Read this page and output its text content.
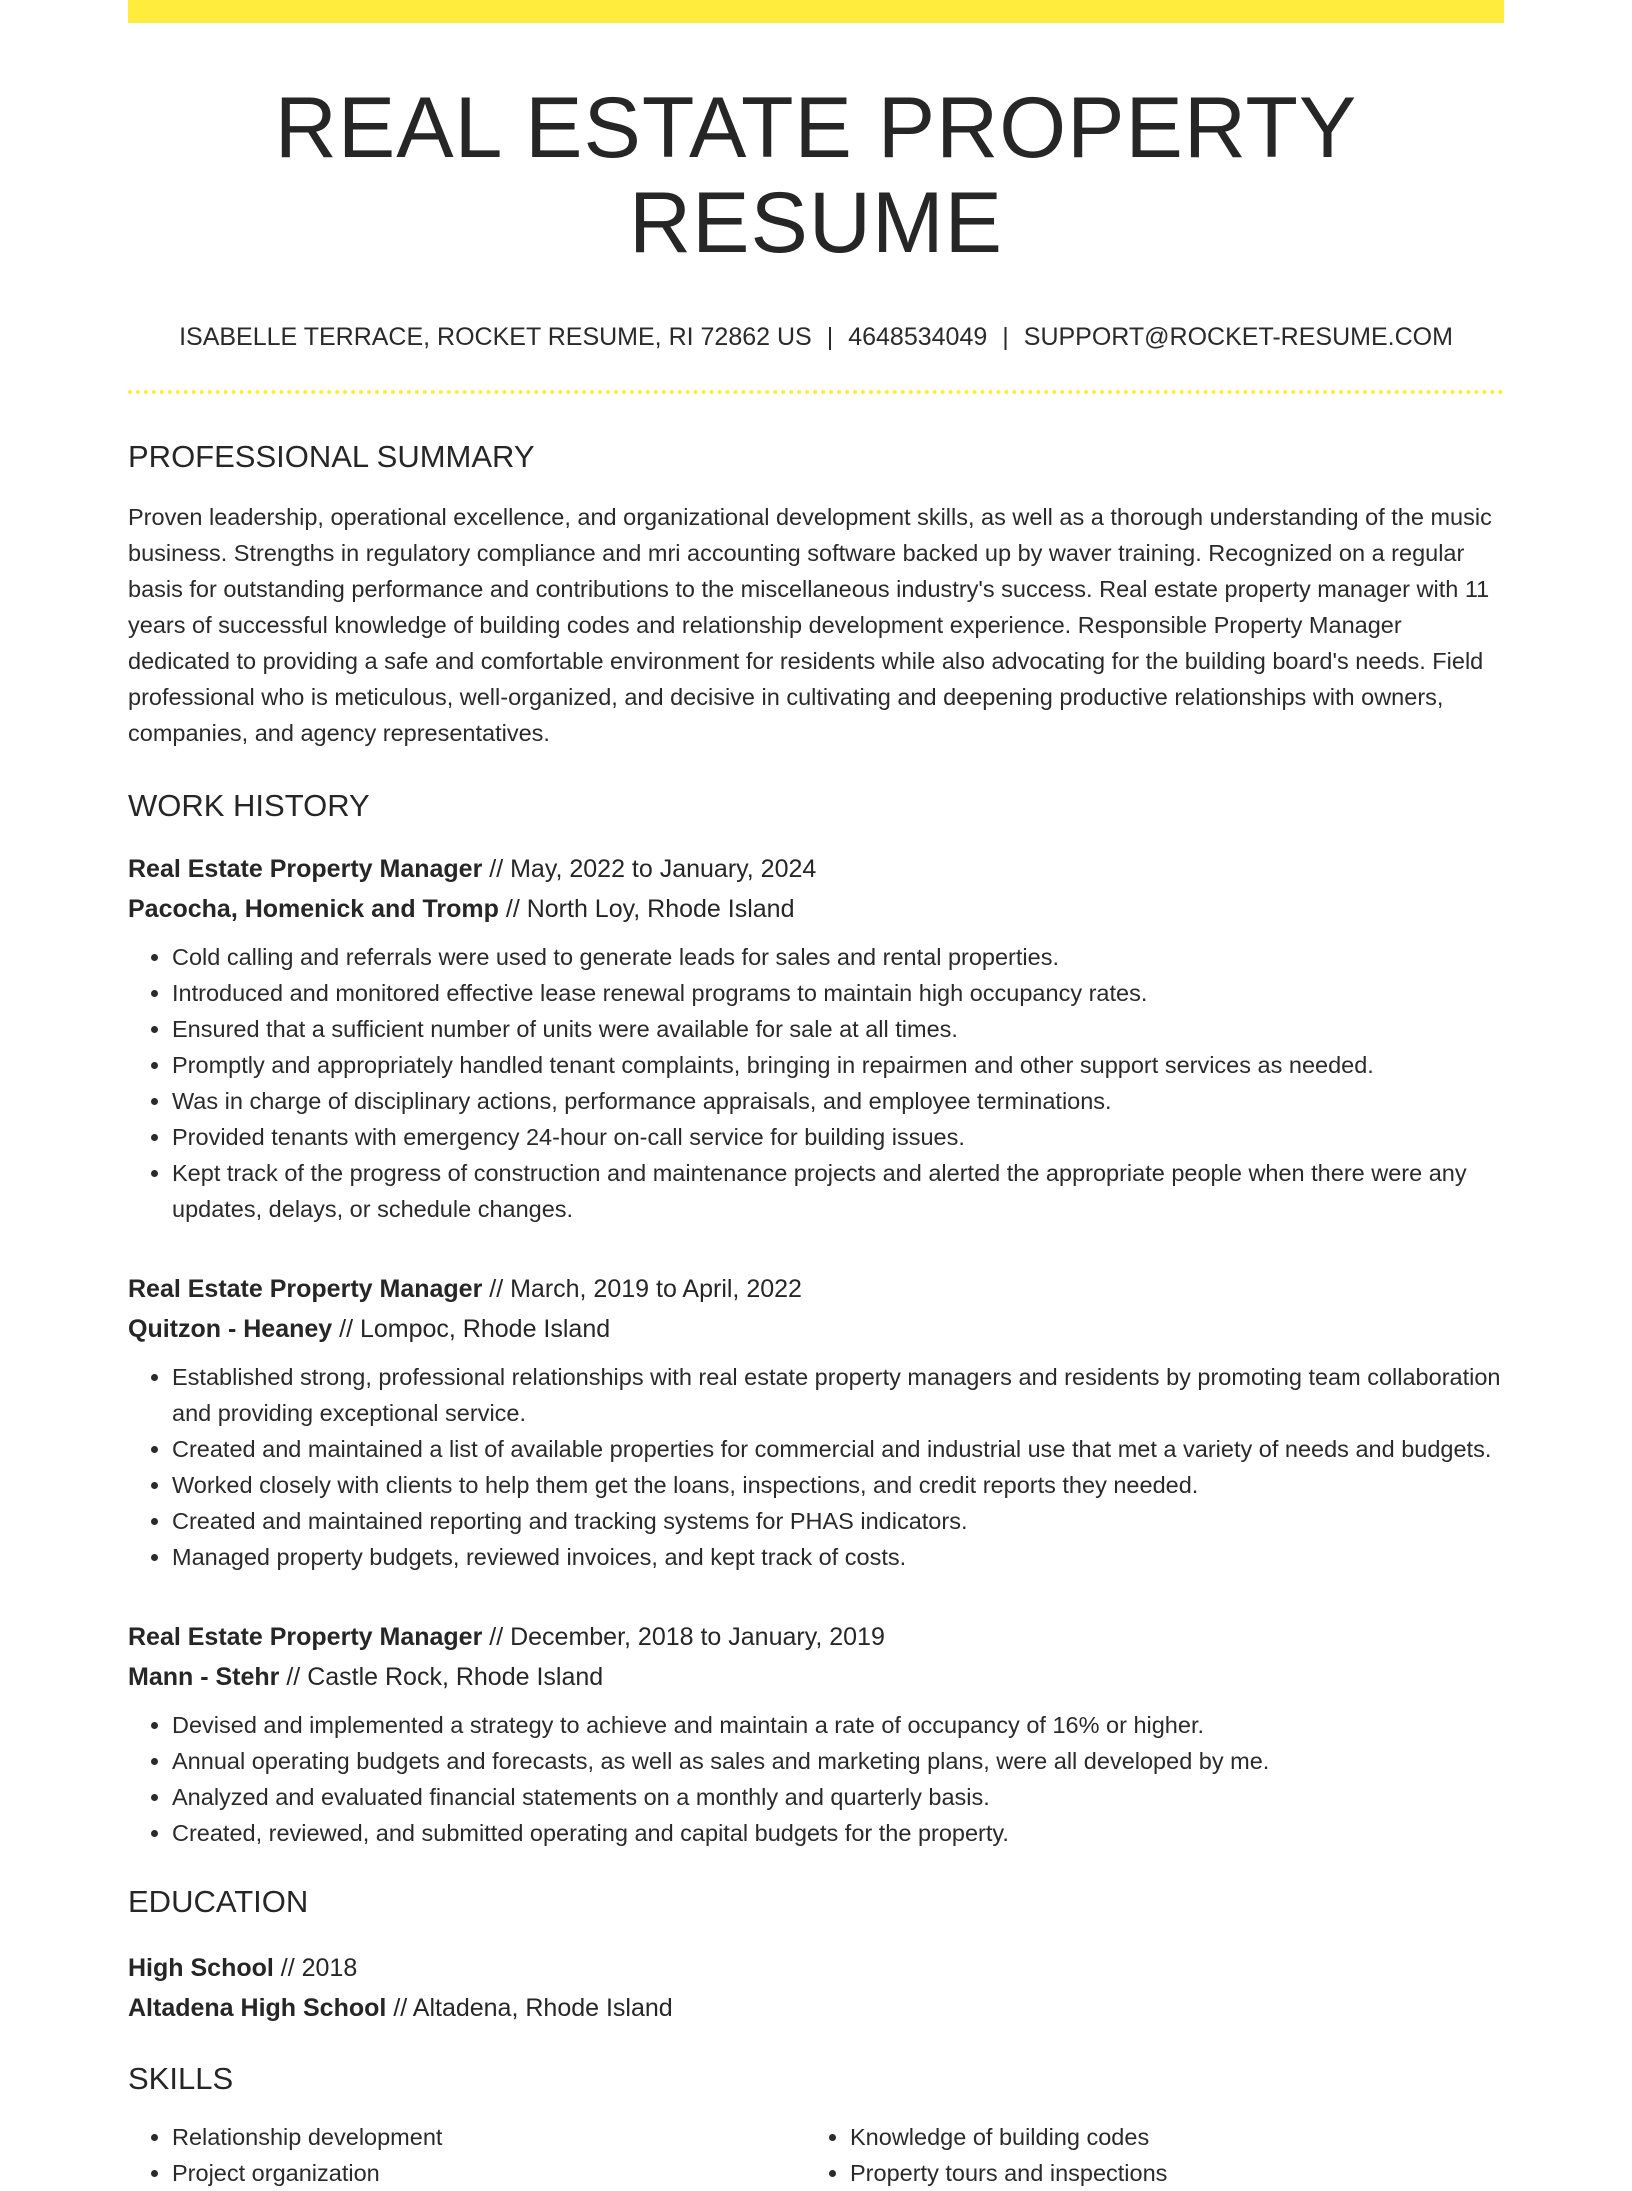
REAL ESTATE PROPERTY RESUME
ISABELLE TERRACE, ROCKET RESUME, RI 72862 US | 4648534049 | SUPPORT@ROCKET-RESUME.COM
PROFESSIONAL SUMMARY

Proven leadership, operational excellence, and organizational development skills, as well as a thorough understanding of the music business. Strengths in regulatory compliance and mri accounting software backed up by waver training. Recognized on a regular basis for outstanding performance and contributions to the miscellaneous industry's success. Real estate property manager with 11 years of successful knowledge of building codes and relationship development experience. Responsible Property Manager dedicated to providing a safe and comfortable environment for residents while also advocating for the building board's needs. Field professional who is meticulous, well-organized, and decisive in cultivating and deepening productive relationships with owners, companies, and agency representatives.

WORK HISTORY
Real Estate Property Manager // May, 2022 to January, 2024
Pacocha, Homenick and Tromp // North Loy, Rhode Island
• Cold calling and referrals were used to generate leads for sales and rental properties.
• Introduced and monitored effective lease renewal programs to maintain high occupancy rates.
• Ensured that a sufficient number of units were available for sale at all times.
• Promptly and appropriately handled tenant complaints, bringing in repairmen and other support services as needed.
• Was in charge of disciplinary actions, performance appraisals, and employee terminations.
• Provided tenants with emergency 24-hour on-call service for building issues.
• Kept track of the progress of construction and maintenance projects and alerted the appropriate people when there were any updates, delays, or schedule changes.
Real Estate Property Manager // March, 2019 to April, 2022
Quitzon - Heaney // Lompoc, Rhode Island
• Established strong, professional relationships with real estate property managers and residents by promoting team collaboration and providing exceptional service.
• Created and maintained a list of available properties for commercial and industrial use that met a variety of needs and budgets.
• Worked closely with clients to help them get the loans, inspections, and credit reports they needed.
• Created and maintained reporting and tracking systems for PHAS indicators.
• Managed property budgets, reviewed invoices, and kept track of costs.
Real Estate Property Manager // December, 2018 to January, 2019
Mann - Stehr // Castle Rock, Rhode Island
• Devised and implemented a strategy to achieve and maintain a rate of occupancy of 16% or higher.
• Annual operating budgets and forecasts, as well as sales and marketing plans, were all developed by me.
• Analyzed and evaluated financial statements on a monthly and quarterly basis.
• Created, reviewed, and submitted operating and capital budgets for the property.
EDUCATION
High School // 2018
Altadena High School // Altadena, Rhode Island
SKILLS
• Relationship development
• Project organization
• Knowledge of building codes
• Property tours and inspections
